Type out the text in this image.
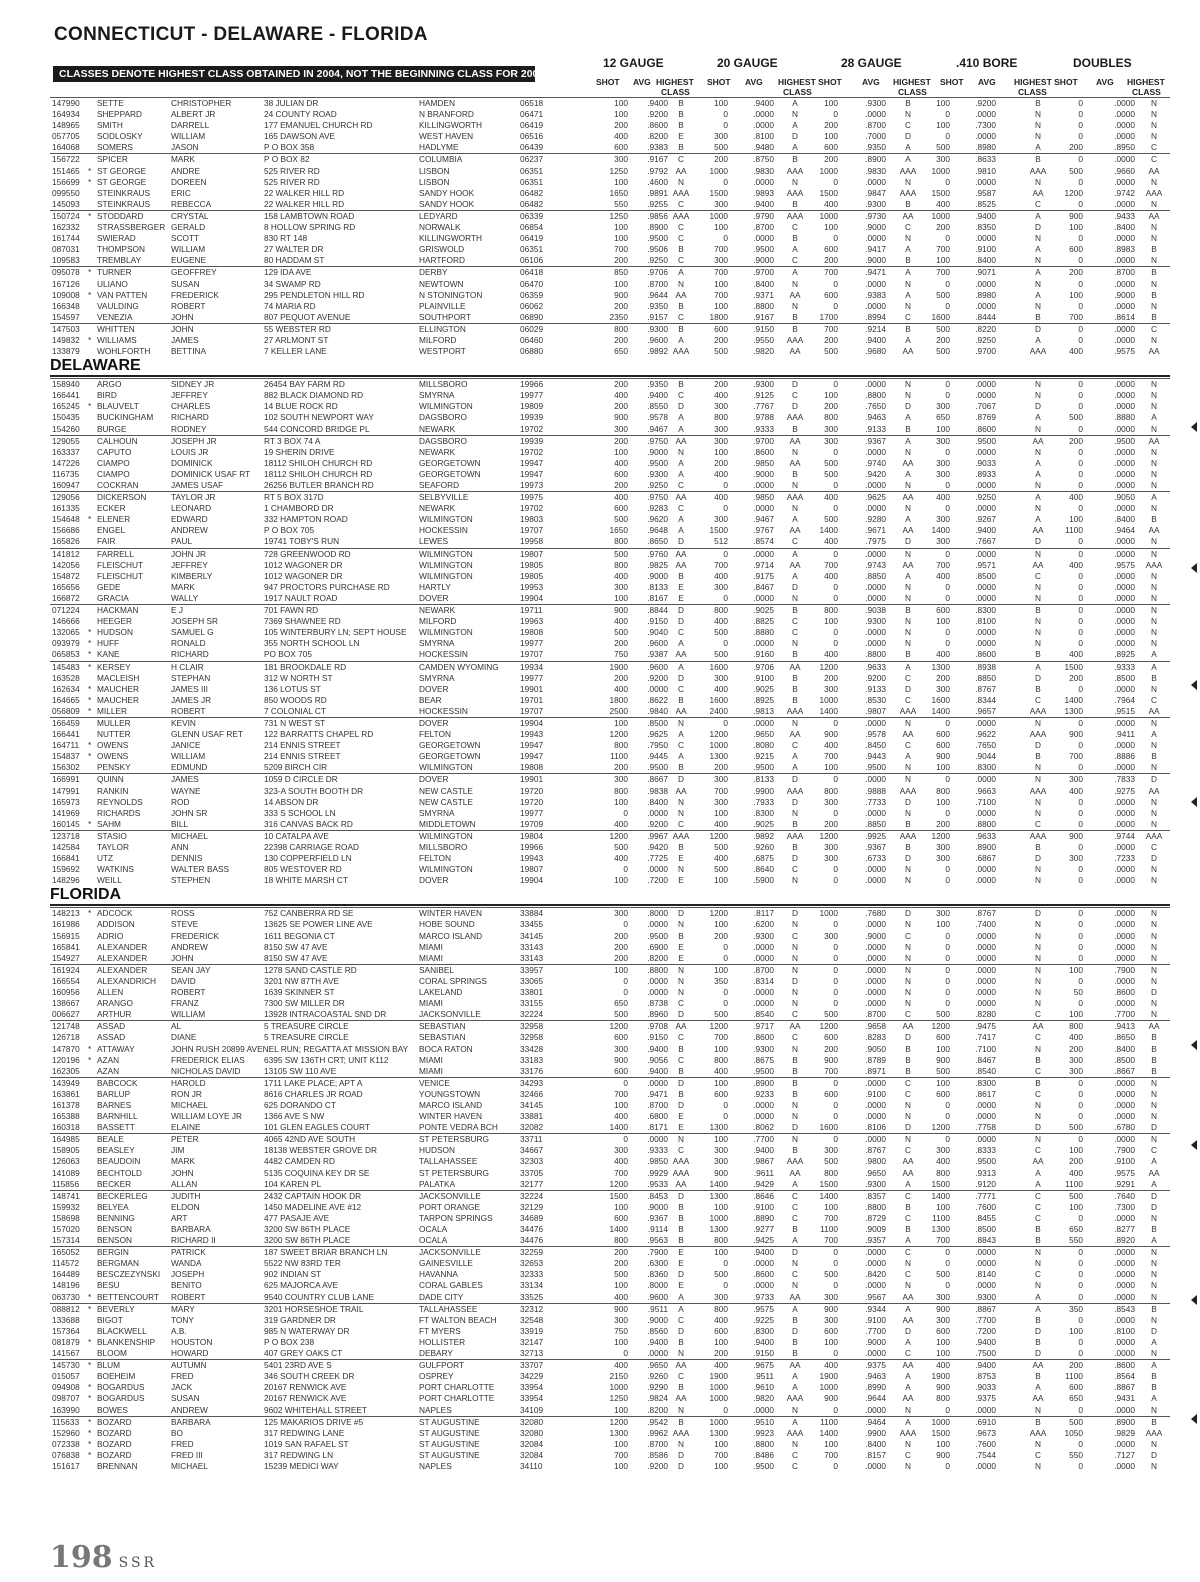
CONNECTICUT - DELAWARE - FLORIDA
CLASSES DENOTE HIGHEST CLASS OBTAINED IN 2004, NOT THE BEGINNING CLASS FOR 2005.
12 GAUGE	20 GAUGE	28 GAUGE	.410 BORE	DOUBLES
SHOT AVG HIGHEST
CLASS
SHOT AVG HIGHEST SHOT
CLASS
AVG HIGHEST
CLASS
SHOT AVG HIGHEST SHOT
CLASS
AVG HIGHEST
CLASS
147990	SETTE	CHRISTOPHER	38 JULIAN DR	HAMDEN	06518	100	.9400	B	100	.9400	A	100	.9300	B	100	.9200	B	0	.0000	N
164934	SHEPPARD	ALBERT JR	24 COUNTY ROAD	N BRANFORD	06471	100	.9200	B	0	.0000	N	0	.0000	N	0	.0000	N	0	.0000	N
148965	SMITH	DARRELL	177 EMANUEL CHURCH RD	KILLINGWORTH	06419	200	.8600	B	0	.0000	A	200	.8700	C	100	.7300	N	0	.0000	N
057705	SODLOSKY	WILLIAM	165 DAWSON AVE	WEST HAVEN	06516	400	.8200	E	300	.8100	D	100	.7000	D	0	.0000	N	0	.0000	N
164068	SOMERS	JASON	P O BOX 358	HADLYME	06439	600	.9383	B	500	.9480	A	600	.9350	A	500	.8980	A	200	.8950	C
156722	SPICER	MARK	P O BOX 82	COLUMBIA	06237	300	.9167	C	200	.8750	B	200	.8900	A	300	.8633	B	0	.0000	C
151465	* ST GEORGE	ANDRE	525 RIVER RD	LISBON	06351	1250	.9792 AA	1000	.9830 AAA	1000	.9830 AAA	1000	.9810	AAA	500	.9660	AA
156699	* ST GEORGE	DOREEN	525 RIVER RD	LISBON	06351	100	.4600	N	0	.0000	N	0	.0000	N	0	.0000	N	0	.0000	N
099550	STEINKRAUS	ERIC	22 WALKER HILL RD	SANDY HOOK	06482	1650	.9891 AAA	1500	.9893 AAA	1500	.9847 AAA	1500	.9587	AA	1200	.9742 AAA
145093	STEINKRAUS	REBECCA	22 WALKER HILL RD	SANDY HOOK	06482	550	.9255	C	300	.9400	B	400	.9300	B	400	.8525	C	0	.0000	N
150724	* STODDARD	CRYSTAL	158 LAMBTOWN ROAD	LEDYARD	06339	1250	.9856 AAA	1000	.9790 AAA	1000	.9730	AA	1000	.9400	A	900	.9433	AA
162332	STRASSBERGER GERALD	8 HOLLOW SPRING RD	NORWALK	06854	100	.8900	C	100	.8700	C	100	.9000	C	200	.8350	D	100	.8400	N
161744	SWIERAD	SCOTT	830 RT 148	KILLINGWORTH	06419	100	.9500	C	0	.0000	B	0	.0000	N	0	.0000	N	0	.0000	N
087031	THOMPSON	WILLIAM	27 WALTER DR	GRISWOLD	06351	700	.9506	B	700	.9500	A	600	.9417	A	700	.9100	A	600	.8983	B
109583	TREMBLAY	EUGENE	80 HADDAM ST	HARTFORD	06106	200	.9250	C	300	.9000	C	200	.9000	B	100	.8400	N	0	.0000	N
095078	* TURNER	GEOFFREY	129 IDA AVE	DERBY	06418	850	.9706	A	700	.9700	A	700	.9471	A	700	.9071	A	200	.8700	B
167126	ULIANO	SUSAN	34 SWAMP RD	NEWTOWN	06470	100	.8700	N	100	.8400	N	0	.0000	N	0	.0000	N	0	.0000	N
109008	* VAN PATTEN	FREDERICK	295 PENDLETON HILL RD	N STONINGTON	06359	900	.9644 AA	700	.9371	AA	600	.9383	A	500	.8980	A	100	.9000	B
166348	VAULDING	ROBERT	74 MARIA RD	PLAINVILLE	06062	200	.9350	B	100	.8800	N	0	.0000	N	0	.0000	N	0	.0000	N
154597	VENEZIA	JOHN	807 PEQUOT AVENUE	SOUTHPORT	06890	2350	.9157	C	1800	.9167	B	1700	.8994	C	1600	.8444	B	700	.8614	B
147503	WHITTEN	JOHN	55 WEBSTER RD	ELLINGTON	06029	800	.9300	B	600	.9150	B	700	.9214	B	500	.8220	D	0	.0000	C
149832	* WILLIAMS	JAMES	27 ARLMONT ST	MILFORD	06460	200	.9600	A	200	.9550 AAA	200	.9400	A	200	.9250	A	0	.0000	N
133879	WOHLFORTH	BETTINA	7 KELLER LANE	WESTPORT	06880	650	.9892 AAA	500	.9820	AA	500	.9680	AA	500	.9700	AAA	400	.9575	AA
DELAWARE
158940	ARGO	SIDNEY JR	26454 BAY FARM RD	MILLSBORO	19966	200	.9350	B	200	.9300	D	0	.0000	N	0	.0000	N	0	.0000	N
166441	BIRD	JEFFREY	882 BLACK DIAMOND RD	SMYRNA	19977	400	.9400	C	400	.9125	C	100	.8800	N	0	.0000	N	0	.0000	N
165245	* BLAUVELT	CHARLES	14 BLUE ROCK RD	WILMINGTON	19809	200	.8550	D	300	.7767	D	200	.7650	D	300	.7067	D	0	.0000	N
150435	BUCKINGHAM	RICHARD	102 SOUTH NEWPORT WAY	DAGSBORO	19939	900	.9578	A	800	.9788 AAA	800	.9463	A	650	.8769	A	500	.8880	A
154260	BURGE	RODNEY	544 CONCORD BRIDGE PL	NEWARK	19702	300	.9467	A	300	.9333	B	300	.9133	B	100	.8600	N	0	.0000	N
129055	CALHOUN	JOSEPH JR	RT 3 BOX 74 A	DAGSBORO	19939	200	.9750 AA	300	.9700	AA	300	.9367	A	300	.9500	AA	200	.9500	AA
163337	CAPUTO	LOUIS JR	19 SHERIN DRIVE	NEWARK	19702	100	.9000	N	100	.8600	N	0	.0000	N	0	.0000	N	0	.0000	N
147226	CIAMPO	DOMINICK	18112 SHILOH CHURCH RD	GEORGETOWN	19947	400	.9500	A	200	.9850	AA	500	.9740	AA	300	.9033	A	0	.0000	N
116735	CIAMPO	DOMINICK USAF RT	18112 SHILOH CHURCH RD	GEORGETOWN	19947	600	.9300	A	400	.9000	B	500	.9420	A	300	.8933	A	0	.0000	N
160947	COCKRAN	JAMES USAF	26256 BUTLER BRANCH RD	SEAFORD	19973	200	.9250	C	0	.0000	N	0	.0000	N	0	.0000	N	0	.0000	N
129056	DICKERSON	TAYLOR JR	RT 5 BOX 317D	SELBYVILLE	19975	400	.9750 AA	400	.9850 AAA	400	.9625	AA	400	.9250	A	400	.9050	A
161335	ECKER	LEONARD	1 CHAMBORD DR	NEWARK	19702	600	.9283	C	0	.0000	N	0	.0000	N	0	.0000	N	0	.0000	N
154648	* ELENER	EDWARD	332 HAMPTON ROAD	WILMINGTON	19803	500	.9620	A	300	.9467	A	500	.9280	A	300	.9267	A	100	.8400	B
156686	ENGEL	ANDREW	P O BOX 705	HOCKESSIN	19707	1650	.9648	A	1500	.9767	AA	1400	.9671	AA	1400	.9400	AA	1100	.9464	AA
165826	FAIR	PAUL	19741 TOBY'S RUN	LEWES	19958	800	.8650	D	512	.8574	C	400	.7975	D	300	.7667	D	0	.0000	N
141812	FARRELL	JOHN JR	728 GREENWOOD RD	WILMINGTON	19807	500	.9760 AA	0	.0000	A	0	.0000	N	0	.0000	N	0	.0000	N
142056	FLEISCHUT	JEFFREY	1012 WAGONER DR	WILMINGTON	19805	800	.9825 AA	700	.9714	AA	700	.9743	AA	700	.9571	AA	400	.9575 AAA
154872	FLEISCHUT	KIMBERLY	1012 WAGONER DR	WILMINGTON	19805	400	.9000	B	400	.9175	A	400	.8850	A	400	.8500	C	0	.0000	N
165656	GEDE	MARK	947 PROCTORS PURCHASE RD	HARTLY	19953	300	.8133	E	300	.8467	D	0	.0000	N	0	.0000	N	0	.0000	N
166872	GRACIA	WALLY	1917 NAULT ROAD	DOVER	19904	100	.8167	E	0	.0000	N	0	.0000	N	0	.0000	N	0	.0000	N
071224	HACKMAN	E J	701 FAWN RD	NEWARK	19711	900	.8844	D	800	.9025	B	800	.9038	B	600	.8300	B	0	.0000	N
146666	HEEGER	JOSEPH SR	7369 SHAWNEE RD	MILFORD	19963	400	.9150	D	400	.8825	C	100	.9300	N	100	.8100	N	0	.0000	N
132065	* HUDSON	SAMUEL G	105 WINTERBURY LN; SEPT HOUSE	WILMINGTON	19808	500	.9040	C	500	.8880	C	0	.0000	N	0	.0000	N	0	.0000	N
093979	* HUFF	RONALD	355 NORTH SCHOOL LN	SMYRNA	19977	200	.9600	A	0	.0000	N	0	.0000	N	0	.0000	N	0	.0000	N
065853	* KANE	RICHARD	PO BOX 705	HOCKESSIN	19707	750	.9387 AA	500	.9160	B	400	.8800	B	400	.8600	B	400	.8925	A
145483	* KERSEY	H CLAIR	181 BROOKDALE RD	CAMDEN WYOMING	19934	1900	.9600	A	1600	.9706	AA	1200	.9633	A	1300	.8938	A	1500	.9333	A
163528	MACLEISH	STEPHAN	312 W NORTH ST	SMYRNA	19977	200	.9200	D	300	.9100	B	200	.9200	C	200	.8850	D	200	.8500	B
162634	* MAUCHER	JAMES III	136 LOTUS ST	DOVER	19901	400	.0000	C	400	.9025	B	300	.9133	D	300	.8767	B	0	.0000	N
164665	* MAUCHER	JAMES JR	850 WOODS RD	BEAR	19701	1800	.8622	B	1600	.8925	B	1000	.8530	C	1600	.8344	C	1400	.7964	C
056809	* MILLER	ROBERT	7 COLONIAL CT	HOCKESSIN	19707	2500	.9840 AA	2400	.9813 AAA	1400	.9807 AAA	1400	.9657	AAA	1300	.9515	AA
166459	MULLER	KEVIN	731 N WEST ST	DOVER	19904	100	.8500	N	0	.0000	N	0	.0000	N	0	.0000	N	0	.0000	N
166441	NUTTER	GLENN USAF RET	122 BARRATTS CHAPEL RD	FELTON	19943	1200	.9625	A	1200	.9650	AA	900	.9578	AA	600	.9622	AAA	900	.9411	A
164711	* OWENS	JANICE	214 ENNIS STREET	GEORGETOWN	19947	800	.7950	C	1000	.8080	C	400	.8450	C	600	.7650	D	0	.0000	N
154837	* OWENS	WILLIAM	214 ENNIS STREET	GEORGETOWN	19947	1100	.9445	A	1300	.9215	A	700	.9443	A	900	.9044	B	700	.8886	B
156302	PENSKY	EDMUND	5209 BIRCH CIR	WILMINGTON	19808	200	.9500	B	200	.9500	A	100	.9500	N	100	.8300	N	0	.0000	N
166991	QUINN	JAMES	1059 D CIRCLE DR	DOVER	19901	300	.8667	D	300	.8133	D	0	.0000	N	0	.0000	N	300	.7833	D
147991	RANKIN	WAYNE	323-A SOUTH BOOTH DR	NEW CASTLE	19720	800	.9838 AA	700	.9900 AAA	800	.9888 AAA	800	.9663	AAA	400	.9275	AA
165973	REYNOLDS	ROD	14 ABSON DR	NEW CASTLE	19720	100	.8400	N	300	.7933	D	300	.7733	D	100	.7100	N	0	.0000	N
141969	RICHARDS	JOHN SR	333 S SCHOOL LN	SMYRNA	19977	0	.0000	N	100	.8300	N	0	.0000	N	0	.0000	N	0	.0000	N
160145	* SAHM	BILL	316 CANVAS BACK RD	MIDDLETOWN	19709	400	.9200	C	400	.9025	B	200	.8850	B	200	.8800	C	0	.0000	N
123718	STASIO	MICHAEL	10 CATALPA AVE	WILMINGTON	19804	1200	.9967 AAA	1200	.9892 AAA	1200	.9925 AAA	1200	.9633	AAA	900	.9744 AAA
142584	TAYLOR	ANN	22398 CARRIAGE ROAD	MILLSBORO	19966	500	.9420	B	500	.9260	B	300	.9367	B	300	.8900	B	0	.0000	C
166841	UTZ	DENNIS	130 COPPERFIELD LN	FELTON	19943	400	.7725	E	400	.6875	D	300	.6733	D	300	.6867	D	300	.7233	D
159692	WATKINS	WALTER BASS	805 WESTOVER RD	WILMINGTON	19807	0	.0000	N	500	.8640	C	0	.0000	N	0	.0000	N	0	.0000	N
148296	WEILL	STEPHEN	18 WHITE MARSH CT	DOVER	19904	100	.7200	E	100	.5900	N	0	.0000	N	0	.0000	N	0	.0000	N
FLORIDA
148213	* ADCOCK	ROSS	752 CANBERRA RD SE	WINTER HAVEN	33884	300	.8000	D	1200	.8117	D	1000	.7680	D	300	.8767	D	0	.0000	N
161986	ADDISON	STEVE	13625 SE POWER LINE AVE	HOBE SOUND	33455	0	.0000	N	100	.6200	N	0	.0000	N	100	.7400	N	0	.0000	N
156915	ADRIO	FREDERICK	1611 BEGONIA CT	MARCO ISLAND	34145	200	.9500	B	200	.9300	C	300	.9000	C	0	.0000	N	0	.0000	N
165841	ALEXANDER	ANDREW	8150 SW 47 AVE	MIAMI	33143	200	.6900	E	0	.0000	N	0	.0000	N	0	.0000	N	0	.0000	N
154927	ALEXANDER	JOHN	8150 SW 47 AVE	MIAMI	33143	200	.8200	E	0	.0000	N	0	.0000	N	0	.0000	N	0	.0000	N
161924	ALEXANDER	SEAN JAY	1278 SAND CASTLE RD	SANIBEL	33957	100	.8800	N	100	.8700	N	0	.0000	N	0	.0000	N	100	.7900	N
166554	ALEXANDRICH	DAVID	3201 NW 87TH AVE	CORAL SPRINGS	33065	0	.0000	N	350	.8314	D	0	.0000	N	0	.0000	N	0	.0000	N
160956	ALLEN	ROBERT	1639 SKINNER ST	LAKELAND	33801	0	.0000	N	0	.0000	N	0	.0000	N	0	.0000	N	50	.8600	D
138667	ARANGO	FRANZ	7300 SW MILLER DR	MIAMI	33155	650	.8738	C	0	.0000	N	0	.0000	N	0	.0000	N	0	.0000	N
006627	ARTHUR	WILLIAM	13928 INTRACOASTAL SND DR	JACKSONVILLE	32224	500	.8960	D	500	.8540	C	500	.8700	C	500	.8280	C	100	.7700	N
121748	ASSAD	AL	5 TREASURE CIRCLE	SEBASTIAN	32958	1200	.9708 AA	1200	.9717	AA	1200	.9658	AA	1200	.9475	AA	800	.9413	AA
126718	ASSAD	DIANE	5 TREASURE CIRCLE	SEBASTIAN	32958	600	.9150	C	700	.8600	C	600	.8283	D	600	.7417	C	400	.8650	B
147870	* ATTAWAY	JOHN RUSH 20899 AVENEL RUN; REGATTA AT MISSION BAY BOCA RATON	33428	300	.9400	B	100	.9300	N	200	.9050	B	100	.7100	N	200	.8400	B
120196	* AZAN	FREDERICK ELIAS	6395 SW 136TH CRT; UNIT K112	MIAMI	33183	900	.9056	C	800	.8675	B	900	.8789	B	900	.8467	B	300	.8500	B
162305	AZAN	NICHOLAS DAVID	13105 SW 110 AVE	MIAMI	33176	600	.9400	B	400	.9500	B	700	.8971	B	500	.8540	C	300	.8667	B
143949	BABCOCK	HAROLD	1711 LAKE PLACE; APT A	VENICE	34293	0	.0000	D	100	.8900	B	0	.0000	C	100	.8300	B	0	.0000	N
163861	BARLUP	RON JR	8616 CHARLES JR ROAD	YOUNGSTOWN	32466	700	.9471	B	600	.9233	B	600	.9100	C	600	.8617	C	0	.0000	N
161378	BARNES	MICHAEL	625 DORANDO CT	MARCO ISLAND	34145	100	.8700	D	0	.0000	N	0	.0000	N	0	.0000	N	0	.0000	N
165388	BARNHILL	WILLIAM LOYE JR	1366 AVE S NW	WINTER HAVEN	33881	400	.6800	E	0	.0000	N	0	.0000	N	0	.0000	N	0	.0000	N
160318	BASSETT	ELAINE	101 GLEN EAGLES COURT	PONTE VEDRA BCH	32082	1400	.8171	E	1300	.8062	D	1600	.8106	D	1200	.7758	D	500	.6780	D
164985	BEALE	PETER	4065 42ND AVE SOUTH	ST PETERSBURG	33711	0	.0000	N	100	.7700	N	0	.0000	N	0	.0000	N	0	.0000	N
158905	BEASLEY	JIM	18138 WEBSTER GROVE DR	HUDSON	34667	300	.9333	C	300	.9400	B	300	.8767	C	300	.8333	C	100	.7900	C
126063	BEAUDOIN	MARK	4482 CAMDEN RD	TALLAHASSEE	32303	400	.9850 AAA	300	.9867 AAA	500	.9800	AA	400	.9500	AA	200	.9100	A
141089	BECHTOLD	JOHN	5135 COQUINA KEY DR SE	ST PETERSBURG	33705	700	.9929 AAA	900	.9611	AA	800	.9650	AA	800	.9313	A	400	.9575	AA
115856	BECKER	ALLAN	104 KAREN PL	PALATKA	32177	1200	.9533 AA	1400	.9429	A	1500	.9300	A	1500	.9120	A	1100	.9291	A
148741	BECKERLEG	JUDITH	2432 CAPTAIN HOOK DR	JACKSONVILLE	32224	1500	.8453	D	1300	.8646	C	1400	.8357	C	1400	.7771	C	500	.7640	D
159932	BELYEA	ELDON	1450 MADELINE AVE #12	PORT ORANGE	32129	100	.9000	B	100	.9100	C	100	.8800	B	100	.7600	C	100	.7300	D
158698	BENNING	ART	477 PASAJE AVE	TARPON SPRINGS	34689	600	.9367	B	1000	.8890	C	700	.8729	C	1100	.8455	C	0	.0000	N
157020	BENSON	BARBARA	3200 SW 86TH PLACE	OCALA	34476	1400	.9114	B	1300	.9277	B	1100	.9009	B	1300	.8500	B	650	.8277	B
157314	BENSON	RICHARD II	3200 SW 86TH PLACE	OCALA	34476	800	.9563	B	800	.9425	A	700	.9357	A	700	.8843	B	550	.8920	A
165052	BERGIN	PATRICK	187 SWEET BRIAR BRANCH LN	JACKSONVILLE	32259	200	.7900	E	100	.9400	D	0	.0000	C	0	.0000	N	0	.0000	N
114572	BERGMAN	WANDA	5522 NW 83RD TER	GAINESVILLE	32653	200	.6300	E	0	.0000	N	0	.0000	N	0	.0000	N	0	.0000	N
164489	BESCZEZYNSKI	JOSEPH	902 INDIAN ST	HAVANNA	32333	500	.8360	D	500	.8600	C	500	.8420	C	500	.8140	C	0	.0000	N
148196	BESU	BENITO	625 MAJORCA AVE	CORAL GABLES	33134	100	.8000	E	0	.0000	N	0	.0000	N	0	.0000	N	0	.0000	N
063730	* BETTENCOURT	ROBERT	9540 COUNTRY CLUB LANE	DADE CITY	33525	400	.9600	A	300	.9733	AA	300	.9567	AA	300	.9300	A	0	.0000	N
088812	* BEVERLY	MARY	3201 HORSESHOE TRAIL	TALLAHASSEE	32312	900	.9511	A	800	.9575	A	900	.9344	A	900	.8867	A	350	.8543	B
133688	BIGOT	TONY	319 GARDNER DR	FT WALTON BEACH	32548	300	.9000	C	400	.9225	B	300	.9100	AA	300	.7700	B	0	.0000	N
157364	BLACKWELL	A.B.	985 N WATERWAY DR	FT MYERS	33919	750	.8560	D	600	.8300	D	600	.7700	D	600	.7200	D	100	.8100	D
081879	* BLANKENSHIP	HOUSTON	P O BOX 238	HOLLISTER	32147	100	.9400	B	100	.9400	B	100	.9000	A	100	.9400	B	0	.0000	A
141567	BLOOM	HOWARD	407 GREY OAKS CT	DEBARY	32713	0	.0000	N	200	.9150	B	0	.0000	C	100	.7500	D	0	.0000	N
145730	* BLUM	AUTUMN	5401 23RD AVE S	GULFPORT	33707	400	.9650 AA	400	.9675	AA	400	.9375	AA	400	.9400	AA	200	.8600	A
015057	BOEHEIM	FRED	346 SOUTH CREEK DR	OSPREY	34229	2150	.9260	C	1900	.9511	A	1900	.9463	A	1900	.8753	B	1100	.8564	B
094908	* BOGARDUS	JACK	20167 RENWICK AVE	PORT CHARLOTTE	33954	1000	.9290	B	1000	.9610	A	1000	.8990	A	900	.9033	A	600	.8867	B
098707	* BOGARDUS	SUSAN	20167 RENWICK AVE	PORT CHARLOTTE	33954	1250	.9824 AA	1000	.9820 AAA	900	.9644	AA	800	.9375	AA	650	.9431	A
163990	BOWES	ANDREW	9602 WHITEHALL STREET	NAPLES	34109	100	.8200	N	0	.0000	N	0	.0000	N	0	.0000	N	0	.0000	N
115633	* BOZARD	BARBARA	125 MAKARIOS DRIVE #5	ST AUGUSTINE	32080	1200	.9542	B	1000	.9510	A	1100	.9464	A	1000	.6910	B	500	.8900	B
152960	* BOZARD	BO	317 REDWING LANE	ST AUGUSTINE	32080	1300	.9962 AAA	1300	.9923 AAA	1400	.9900 AAA	1500	.9673	AAA	1050	.9829 AAA
072338	* BOZARD	FRED	1019 SAN RAFAEL ST	ST AUGUSTINE	32084	100	.8700	N	100	.8800	N	100	.8400	N	100	.7600	N	0	.0000	N
076838	* BOZARD	FRED III	317 REDWING LN	ST AUGUSTINE	32084	700	.8586	D	700	.8486	C	700	.8157	C	900	.7544	C	550	.7127	D
151617	BRENNAN	MICHAEL	15239 MEDICI WAY	NAPLES	34110	100	.9200	D	100	.9500	C	0	.0000	N	0	.0000	N	0	.0000	N
198 SSR
